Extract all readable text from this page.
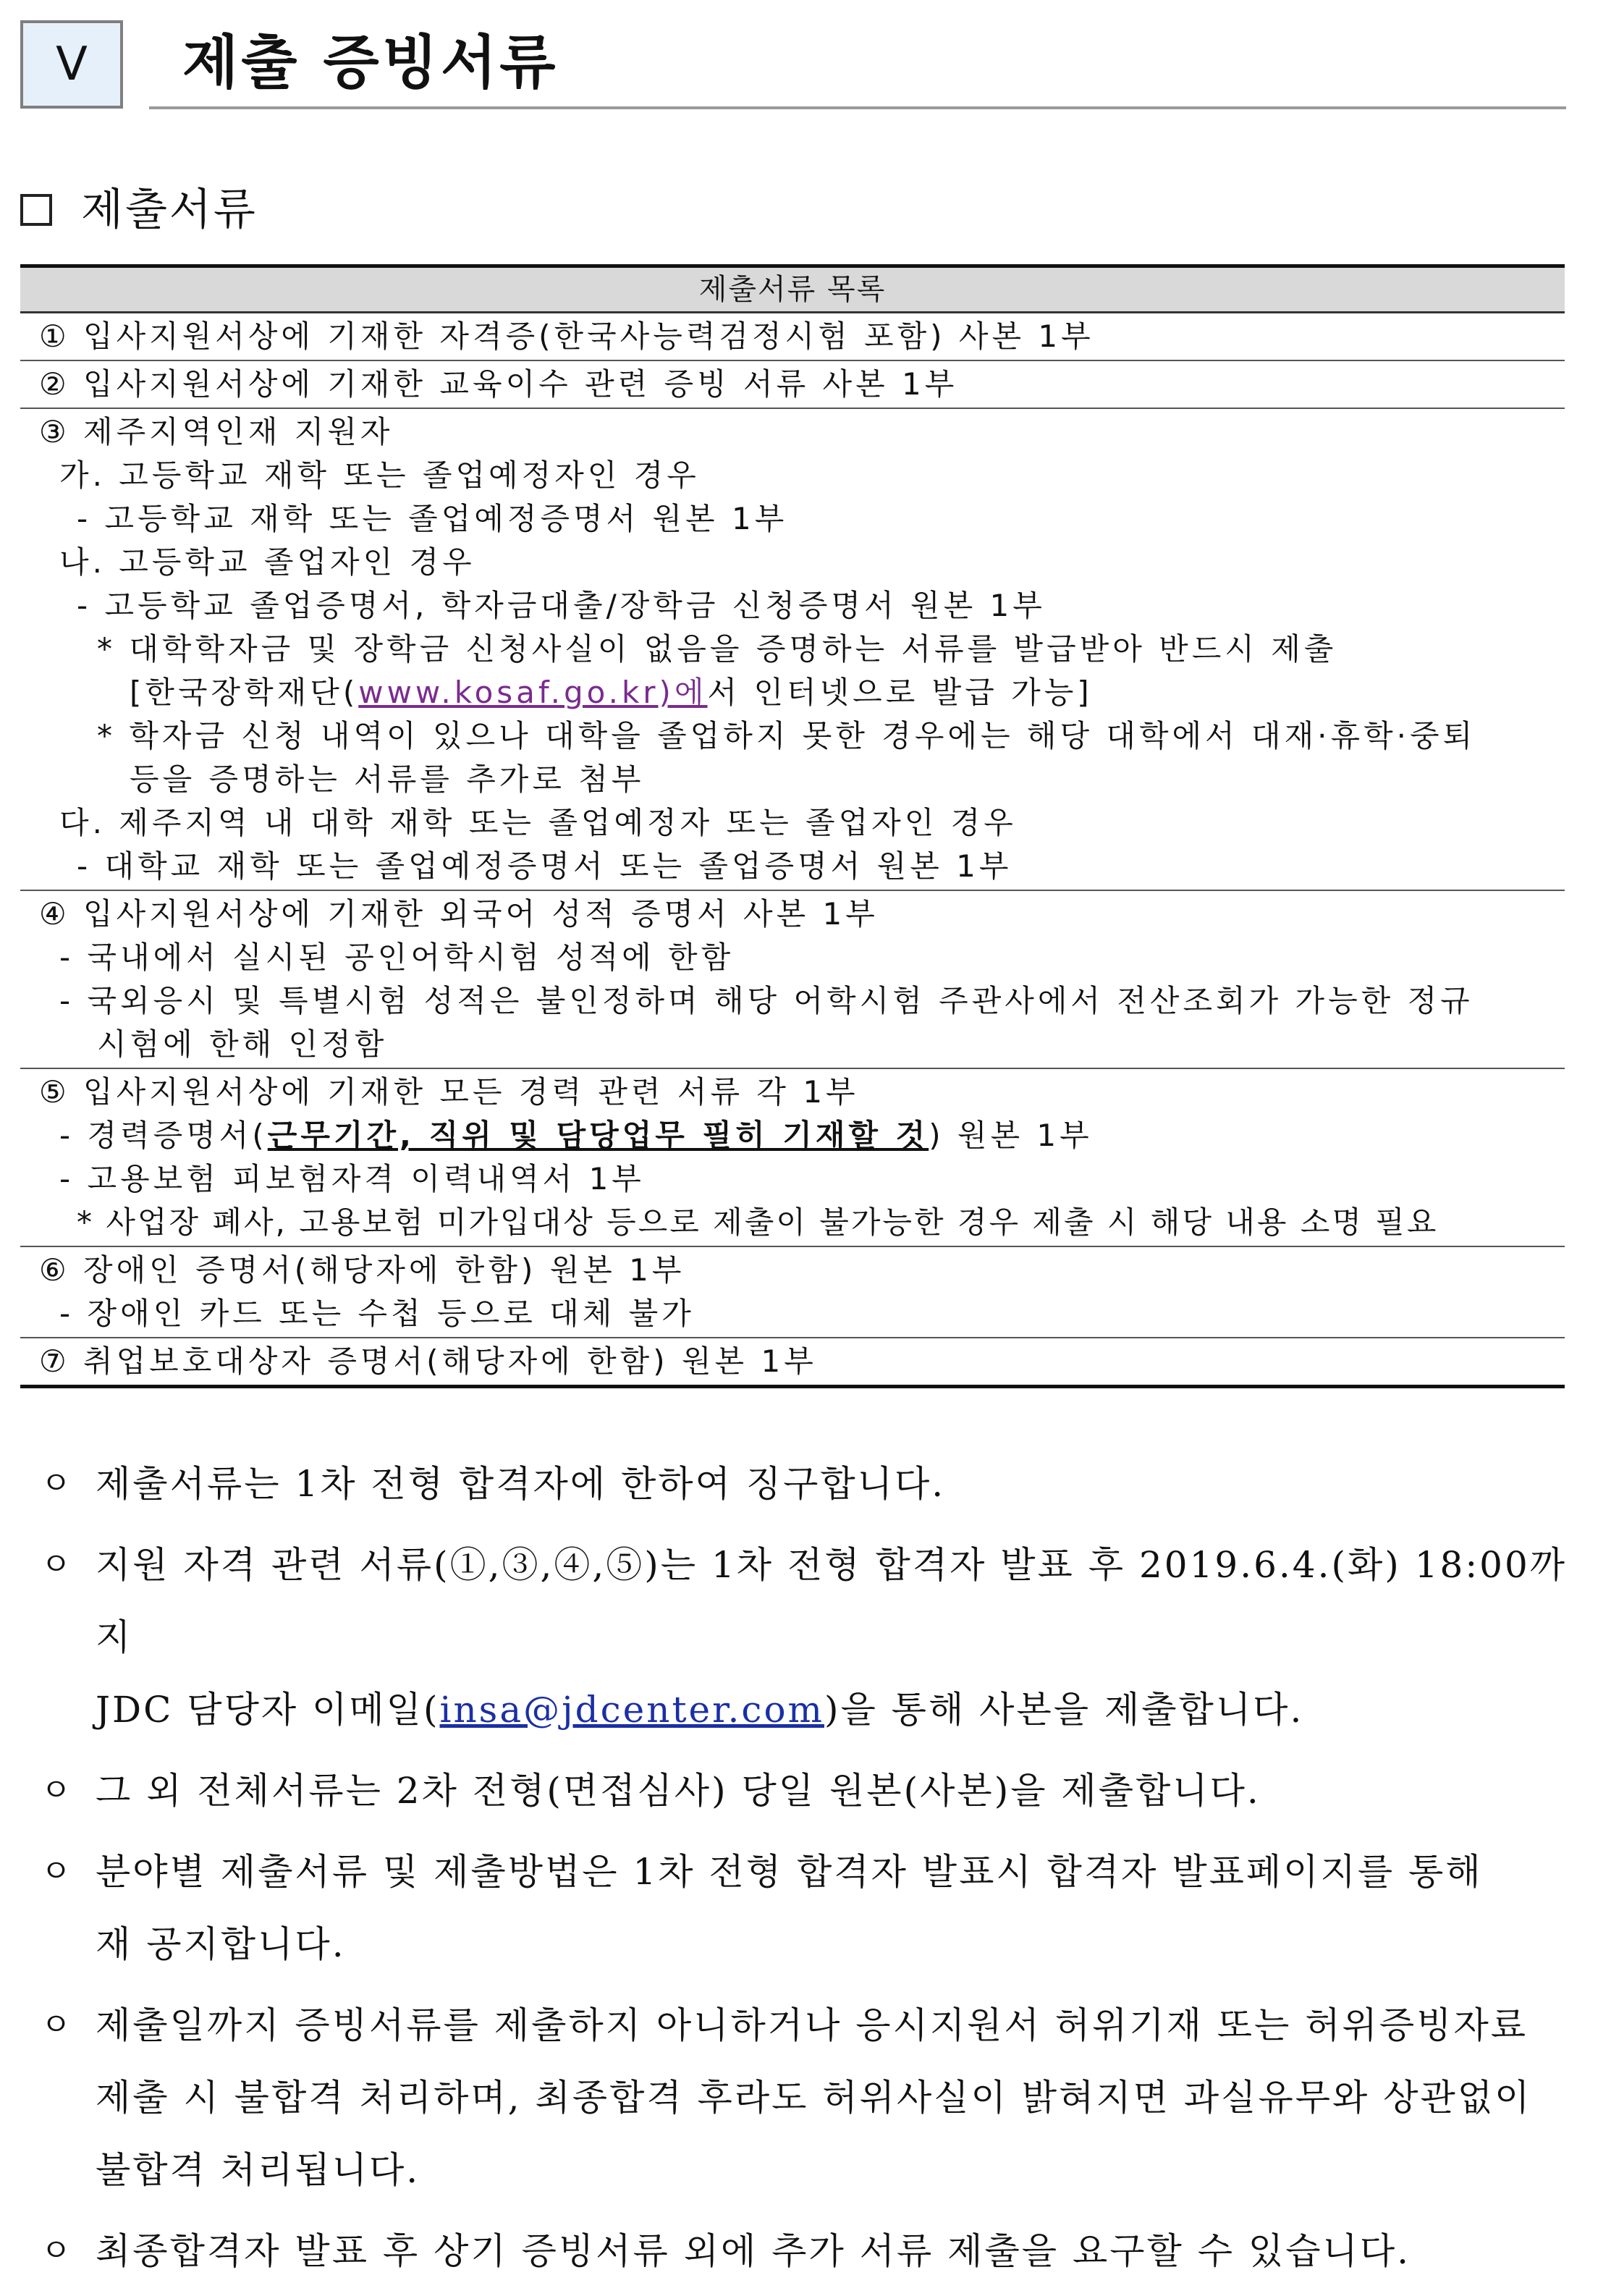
Ⅴ 제출 증빙서류
제출서류
제출서류 목록
① 입사지원서상에 기재한 자격증(한국사능력검정시험 포함) 사본 1부
② 입사지원서상에 기재한 교육이수 관련 증빙 서류 사본 1부
③ 제주지역인재 지원자
가. 고등학교 재학 또는 졸업예정자인 경우
- 고등학교 재학 또는 졸업예정증명서 원본 1부
나. 고등학교 졸업자인 경우
- 고등학교 졸업증명서, 학자금대출/장학금 신청증명서 원본 1부
* 대학학자금 및 장학금 신청사실이 없음을 증명하는 서류를 발급받아 반드시 제출
[한국장학재단(www.kosaf.go.kr)에서 인터넷으로 발급 가능]
* 학자금 신청 내역이 있으나 대학을 졸업하지 못한 경우에는 해당 대학에서 대재·휴학·중퇴
등을 증명하는 서류를 추가로 첨부
다. 제주지역 내 대학 재학 또는 졸업예정자 또는 졸업자인 경우
- 대학교 재학 또는 졸업예정증명서 또는 졸업증명서 원본 1부
④ 입사지원서상에 기재한 외국어 성적 증명서 사본 1부
- 국내에서 실시된 공인어학시험 성적에 한함
- 국외응시 및 특별시험 성적은 불인정하며 해당 어학시험 주관사에서 전산조회가 가능한 정규
시험에 한해 인정함
⑤ 입사지원서상에 기재한 모든 경력 관련 서류 각 1부
- 경력증명서(근무기간, 직위 및 담당업무 필히 기재할 것) 원본 1부
- 고용보험 피보험자격 이력내역서 1부
* 사업장 폐사, 고용보험 미가입대상 등으로 제출이 불가능한 경우 제출 시 해당 내용 소명 필요
⑥ 장애인 증명서(해당자에 한함) 원본 1부
- 장애인 카드 또는 수첩 등으로 대체 불가
⑦ 취업보호대상자 증명서(해당자에 한함) 원본 1부
ㅇ 제출서류는 1차 전형 합격자에 한하여 징구합니다.
ㅇ 지원 자격 관련 서류(①,③,④,⑤)는 1차 전형 합격자 발표 후 2019.6.4.(화) 18:00까지
JDC 담당자 이메일(insa@jdcenter.com)을 통해 사본을 제출합니다.
ㅇ 그 외 전체서류는 2차 전형(면접심사) 당일 원본(사본)을 제출합니다.
ㅇ 분야별 제출서류 및 제출방법은 1차 전형 합격자 발표시 합격자 발표페이지를 통해
재 공지합니다.
ㅇ 제출일까지 증빙서류를 제출하지 아니하거나 응시지원서 허위기재 또는 허위증빙자료
제출 시 불합격 처리하며, 최종합격 후라도 허위사실이 밝혀지면 과실유무와 상관없이
불합격 처리됩니다.
ㅇ 최종합격자 발표 후 상기 증빙서류 외에 추가 서류 제출을 요구할 수 있습니다.
